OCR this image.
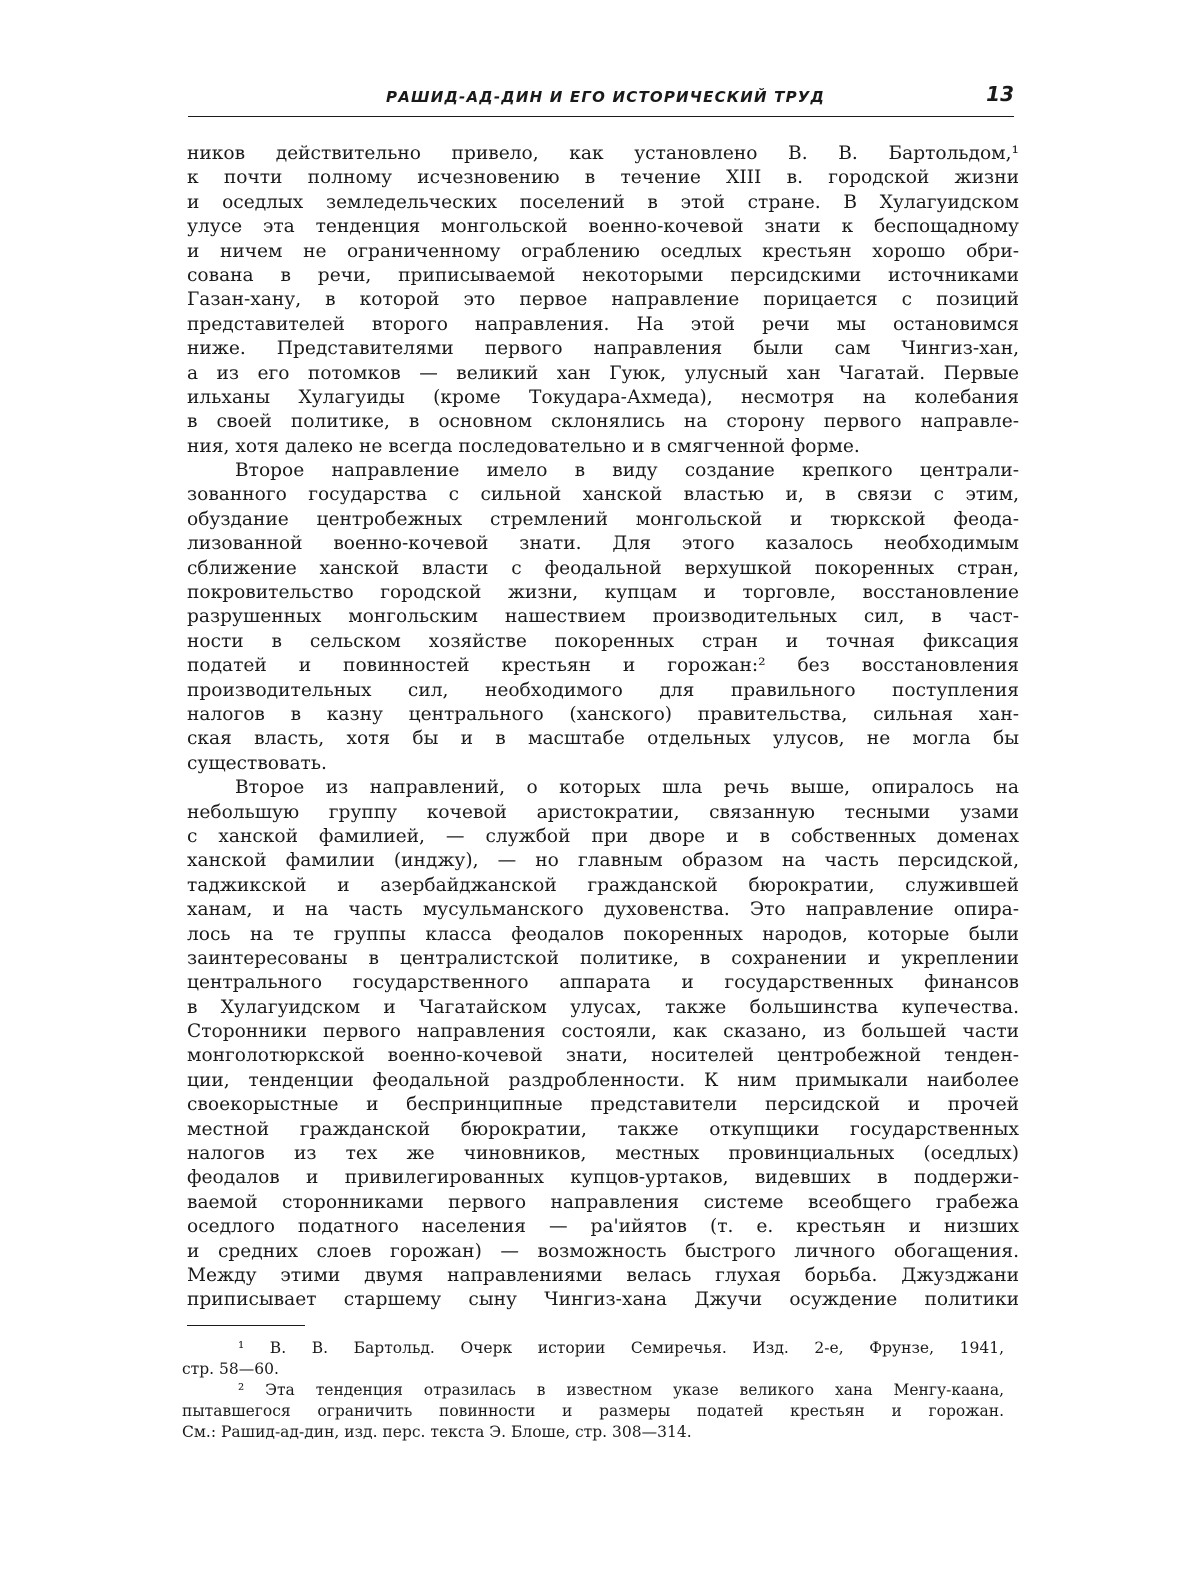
РАШИД-АД-ДИН И ЕГО ИСТОРИЧЕСКИЙ ТРУД	13
ников действительно привело, как установлено В. В. Бартольдом,¹
к почти полному исчезновению в течение XIII в. городской жизни
и оседлых земледельческих поселений в этой стране. В Хулагуидском
улусе эта тенденция монгольской военно-кочевой знати к беспощадному
и ничем не ограниченному ограблению оседлых крестьян хорошо обри-
сована в речи, приписываемой некоторыми персидскими источниками
Газан-хану, в которой это первое направление порицается с позиций
представителей второго направления. На этой речи мы остановимся
ниже. Представителями первого направления были сам Чингиз-хан,
а из его потомков — великий хан Гуюк, улусный хан Чагатай. Первые
ильханы Хулагуиды (кроме Токудара-Ахмеда), несмотря на колебания
в своей политике, в основном склонялись на сторону первого направле-
ния, хотя далеко не всегда последовательно и в смягченной форме.
Второе направление имело в виду создание крепкого централи-
зованного государства с сильной ханской властью и, в связи с этим,
обуздание центробежных стремлений монгольской и тюркской феода-
лизованной военно-кочевой знати. Для этого казалось необходимым
сближение ханской власти с феодальной верхушкой покоренных стран,
покровительство городской жизни, купцам и торговле, восстановление
разрушенных монгольским нашествием производительных сил, в част-
ности в сельском хозяйстве покоренных стран и точная фиксация
податей и повинностей крестьян и горожан:² без восстановления
производительных сил, необходимого для правильного поступления
налогов в казну центрального (ханского) правительства, сильная хан-
ская власть, хотя бы и в масштабе отдельных улусов, не могла бы
существовать.
Второе из направлений, о которых шла речь выше, опиралось на
небольшую группу кочевой аристократии, связанную тесными узами
с ханской фамилией, — службой при дворе и в собственных доменах
ханской фамилии (инджу), — но главным образом на часть персидской,
таджикской и азербайджанской гражданской бюрократии, служившей
ханам, и на часть мусульманского духовенства. Это направление опира-
лось на те группы класса феодалов покоренных народов, которые были
заинтересованы в централистской политике, в сохранении и укреплении
центрального государственного аппарата и государственных финансов
в Хулагуидском и Чагатайском улусах, также большинства купечества.
Сторонники первого направления состояли, как сказано, из большей части
монголотюркской военно-кочевой знати, носителей центробежной тенден-
ции, тенденции феодальной раздробленности. К ним примыкали наиболее
своекорыстные и беспринципные представители персидской и прочей
местной гражданской бюрократии, также откупщики государственных
налогов из тех же чиновников, местных провинциальных (оседлых)
феодалов и привилегированных купцов-уртаков, видевших в поддержи-
ваемой сторонниками первого направления системе всеобщего грабежа
оседлого податного населения — ра'ийятов (т. е. крестьян и низших
и средних слоев горожан) — возможность быстрого личного обогащения.
Между этими двумя направлениями велась глухая борьба. Джузджани
приписывает старшему сыну Чингиз-хана Джучи осуждение политики
¹ В. В. Бартольд. Очерк истории Семиречья. Изд. 2-е, Фрунзе, 1941,
стр. 58—60.
² Эта тенденция отразилась в известном указе великого хана Менгу-каана,
пытавшегося ограничить повинности и размеры податей крестьян и горожан.
См.: Рашид-ад-дин, изд. перс. текста Э. Блоше, стр. 308—314.
